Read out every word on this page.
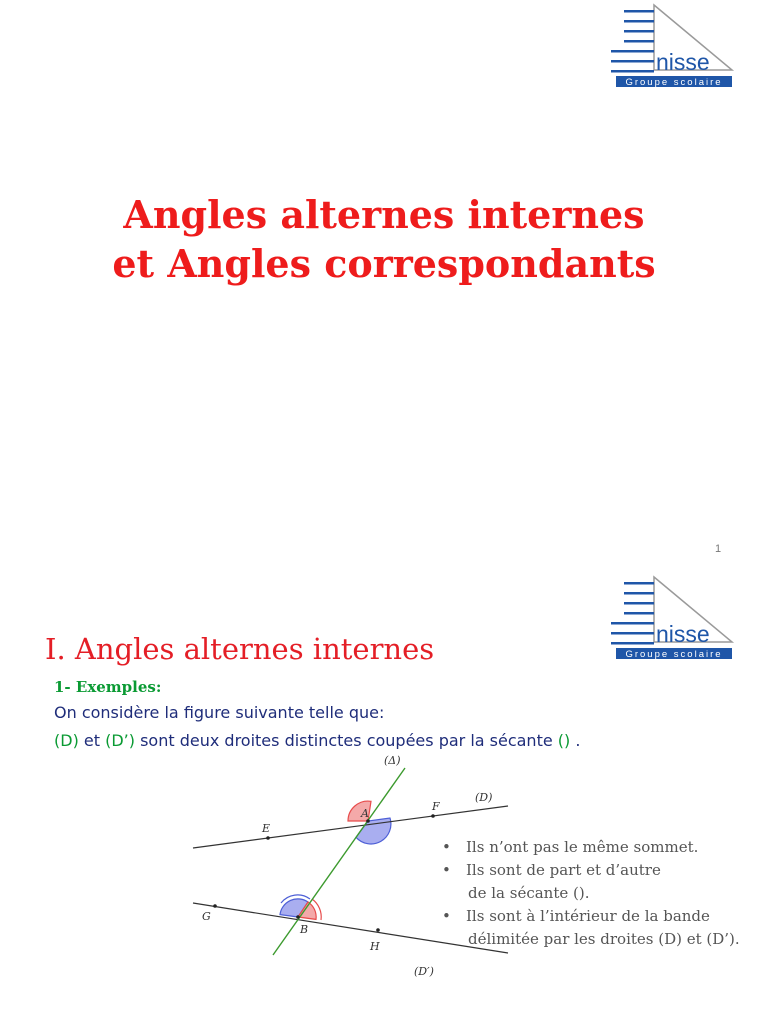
nisse
Groupe scolaire
Angles alternes internes
et Angles correspondants
1
nisse
Groupe scolaire
I. Angles alternes internes
1- Exemples:
On considère la figure suivante telle que:
(D) et (D’) sont deux droites distinctes coupées par la sécante () .
(Δ)
(D)
(D′)
A
B
E
F
G
H
• Ils n’ont pas le même sommet.
• Ils sont de part et d’autre
de la sécante ().
• Ils sont à l’intérieur de la bande
délimitée par les droites (D) et (D’).
